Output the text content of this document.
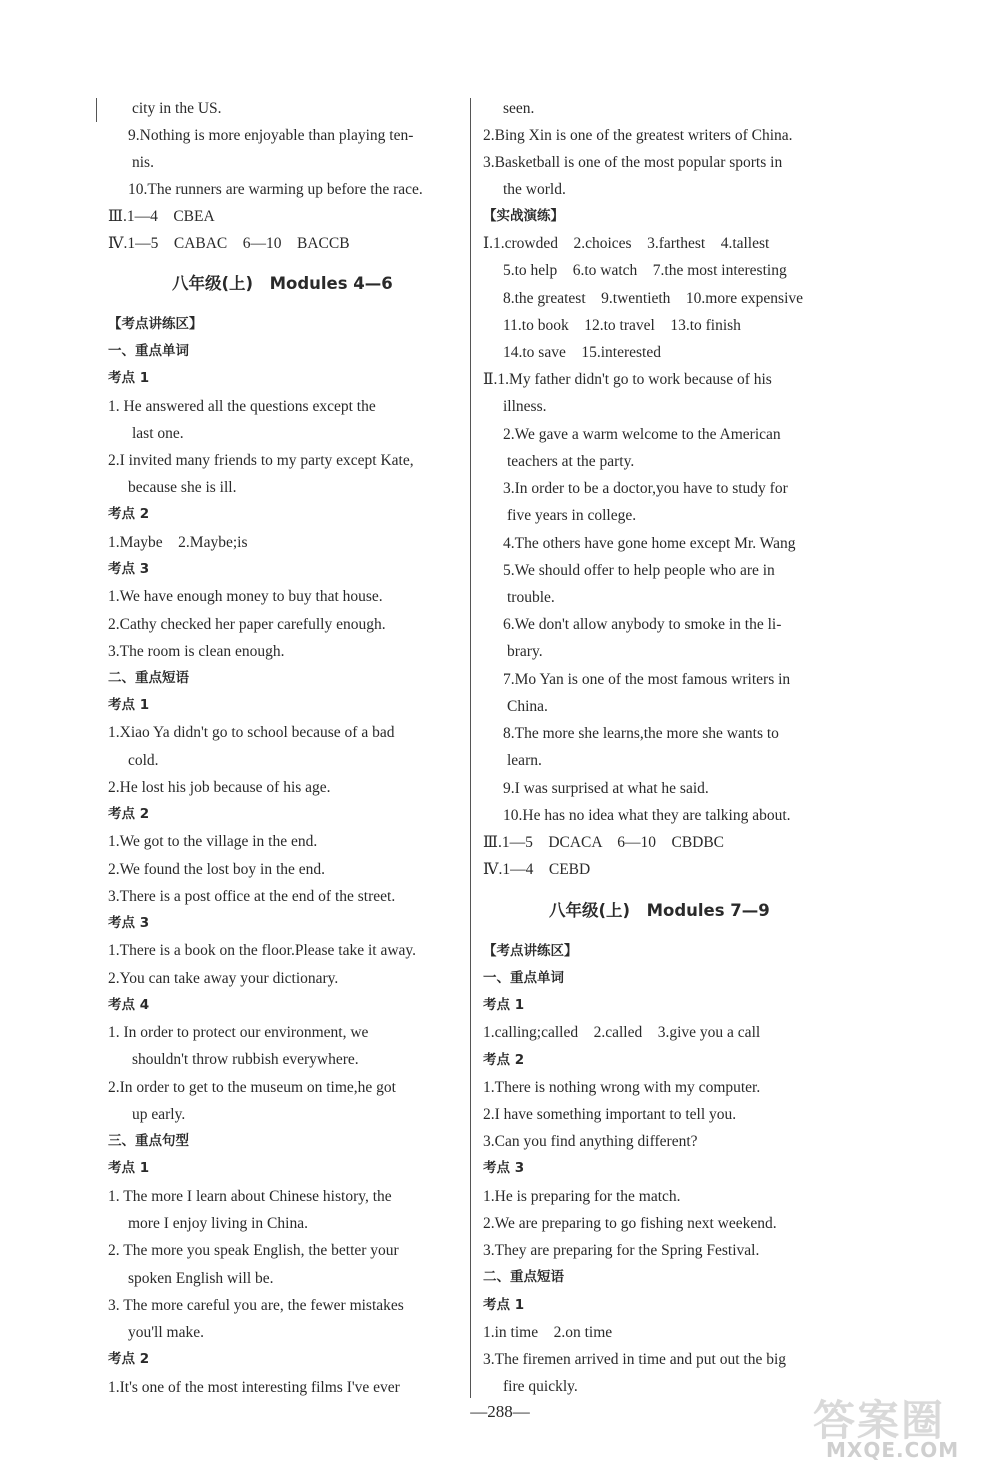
city in the US.
9.Nothing is more enjoyable than playing ten-
nis.
10.The runners are warming up before the race.
Ⅲ.1—4　CBEA
Ⅳ.1—5　CABAC　6—10　BACCB
八年级(上)　Modules 4—6
【考点讲练区】
一、重点单词
考点 1
1. He answered all the questions except the
last one.
2.I invited many friends to my party except Kate,
because she is ill.
考点 2
1.Maybe　2.Maybe;is
考点 3
1.We have enough money to buy that house.
2.Cathy checked her paper carefully enough.
3.The room is clean enough.
二、重点短语
考点 1
1.Xiao Ya didn't go to school because of a bad
cold.
2.He lost his job because of his age.
考点 2
1.We got to the village in the end.
2.We found the lost boy in the end.
3.There is a post office at the end of the street.
考点 3
1.There is a book on the floor.Please take it away.
2.You can take away your dictionary.
考点 4
1. In order to protect our environment, we
shouldn't throw rubbish everywhere.
2.In order to get to the museum on time,he got
up early.
三、重点句型
考点 1
1. The more I learn about Chinese history, the
more I enjoy living in China.
2. The more you speak English, the better your
spoken English will be.
3. The more careful you are, the fewer mistakes
you'll make.
考点 2
1.It's one of the most interesting films I've ever
seen.
2.Bing Xin is one of the greatest writers of China.
3.Basketball is one of the most popular sports in
the world.
【实战演练】
Ⅰ.1.crowded　2.choices　3.farthest　4.tallest
5.to help　6.to watch　7.the most interesting
8.the greatest　9.twentieth　10.more expensive
11.to book　12.to travel　13.to finish
14.to save　15.interested
Ⅱ.1.My father didn't go to work because of his
illness.
2.We gave a warm welcome to the American
teachers at the party.
3.In order to be a doctor,you have to study for
five years in college.
4.The others have gone home except Mr. Wang
5.We should offer to help people who are in
trouble.
6.We don't allow anybody to smoke in the li-
brary.
7.Mo Yan is one of the most famous writers in
China.
8.The more she learns,the more she wants to
learn.
9.I was surprised at what he said.
10.He has no idea what they are talking about.
Ⅲ.1—5　DCACA　6—10　CBDBC
Ⅳ.1—4　CEBD
八年级(上)　Modules 7—9
【考点讲练区】
一、重点单词
考点 1
1.calling;called　2.called　3.give you a call
考点 2
1.There is nothing wrong with my computer.
2.I have something important to tell you.
3.Can you find anything different?
考点 3
1.He is preparing for the match.
2.We are preparing to go fishing next weekend.
3.They are preparing for the Spring Festival.
二、重点短语
考点 1
1.in time　2.on time
3.The firemen arrived in time and put out the big
fire quickly.
—288—	答案圈
MXQE.COM
